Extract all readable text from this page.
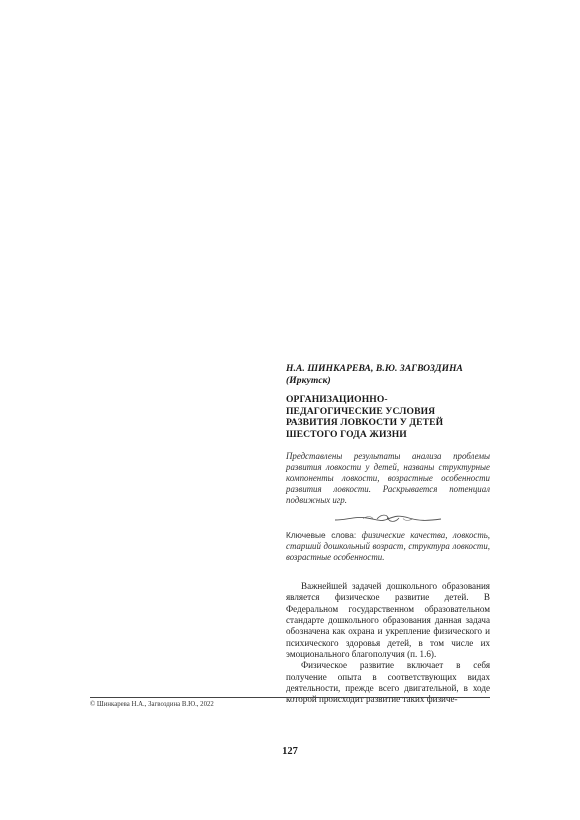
Н.А. ШИНКАРЕВА, В.Ю. ЗАГВОЗДИНА
(Иркутск)
ОРГАНИЗАЦИОННО-
ПЕДАГОГИЧЕСКИЕ УСЛОВИЯ
РАЗВИТИЯ ЛОВКОСТИ У ДЕТЕЙ
ШЕСТОГО ГОДА ЖИЗНИ
Представлены результаты анализа проблемы развития ловкости у детей, названы структурные компоненты ловкости, возрастные особенности развития ловкости. Раскрывается потенциал подвижных игр.
Ключевые слова: физические качества, ловкость, старший дошкольный возраст, структура ловкости, возрастные особенности.

Важнейшей задачей дошкольного образования является физическое развитие детей. В Федеральном государственном образовательном стандарте дошкольного образования данная задача обозначена как охрана и укрепление физического и психического здоровья детей, в том числе их эмоционального благополучия (п. 1.6).

Физическое развитие включает в себя получение опыта в соответствующих видах деятельности, прежде всего двигательной, в ходе которой происходит развитие таких физиче-

© Шинкарева Н.А., Загвоздина В.Ю., 2022
127
